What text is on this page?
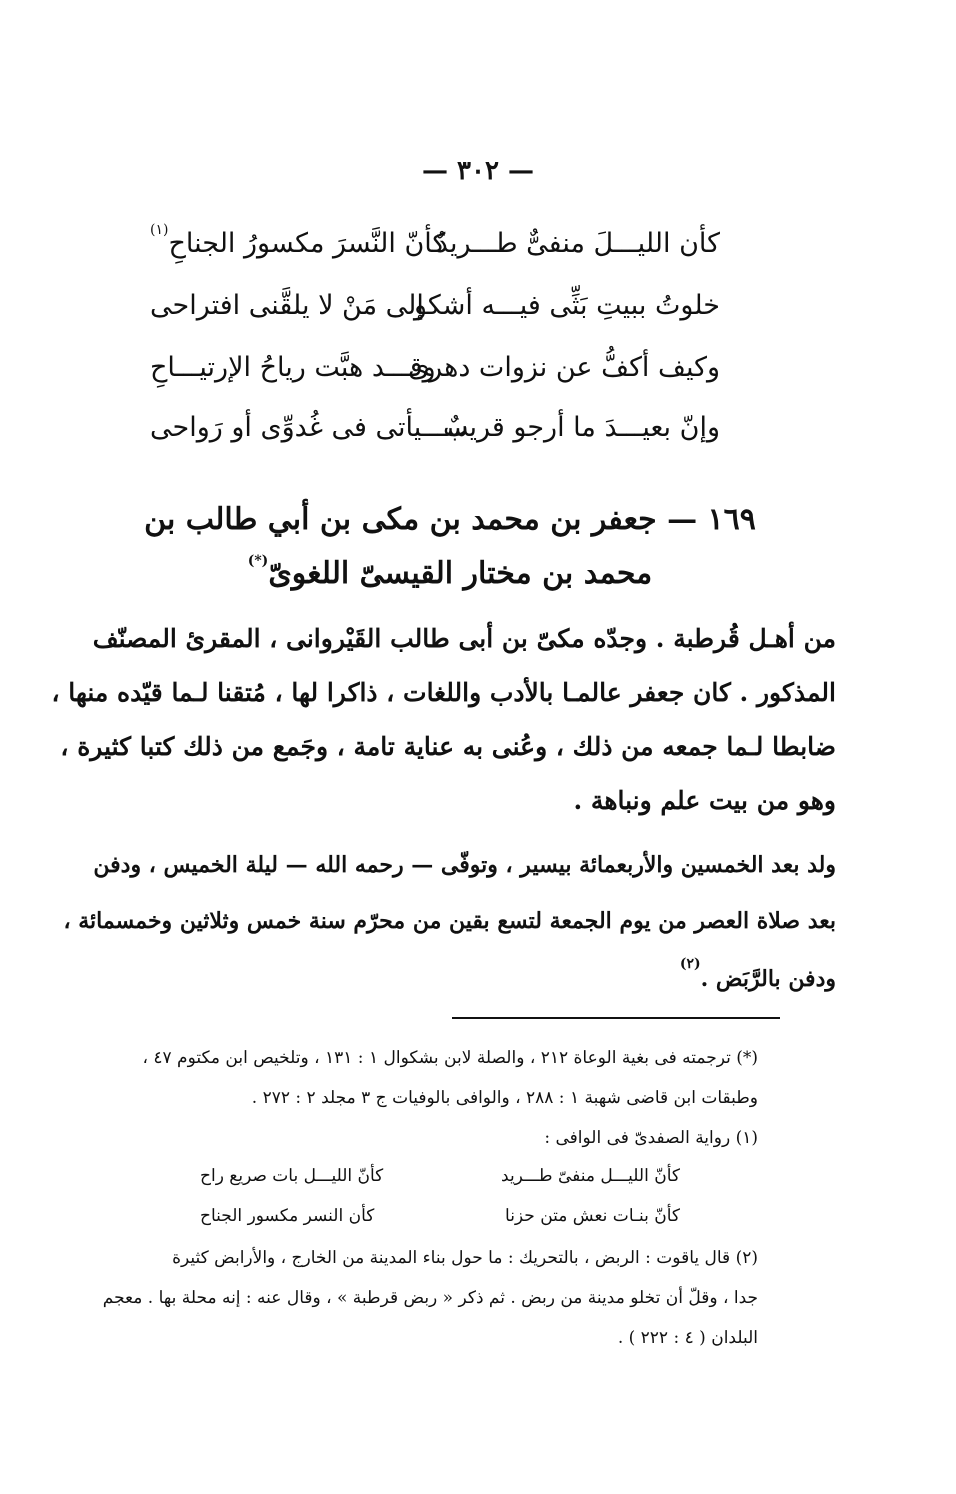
— ٣٠٢ —
كأن الليـــلَ منفىٌّ طـــريدٌ
كأنّ النَّسرَ مكسورُ الجناحِ$^{(١)}$
خلوتُ ببيتِ بَثِّى فيـــه أشكو
إلى مَنْ لا يلقَّنى افتراحى
وكيف أكفُّ عن نزوات دهرى
وقـــد هبَّت رياحُ الإرتيـــاحِ
وإنّ بعيـــدَ ما أرجو قريبٌ
ســـيأتى فى غُدوِّى أو رَواحى
١٦٩ — جعفر بن محمد بن مكى بن أبي طالب بن
محمد بن مختار القيسىّ اللغوىّ(*)
من أهـل قُرطبة . وجدّه مكىّ بن أبى طالب القَيْروانى ، المقرئ المصنّف
المذكور . كان جعفر عالمـا بالأدب واللغات ، ذاكرا لها ، مُتقنا لـما قيّده منها ،
ضابطا لـما جمعه من ذلك ، وعُنى به عناية تامة ، وجَمع من ذلك كتبا كثيرة ،
وهو من بيت علم ونباهة .
ولد بعد الخمسين والأربعمائة بيسير ، وتوفّى — رحمه الله — ليلة الخميس ، ودفن
بعد صلاة العصر من يوم الجمعة لتسع بقين من محرّم سنة خمس وثلاثين وخمسمائة ،
ودفن بالرَّبَض .$^{(٢)}$
(*) ترجمته فى بغية الوعاة ٢١٢ ، والصلة لابن بشكوال ١ : ١٣١ ، وتلخيص ابن مكتوم ٤٧ ،
وطبقات ابن قاضى شهبة ١ : ٢٨٨ ، والوافى بالوفيات ج ٣ مجلد ٢ : ٢٧٢ .
(١) رواية الصفدىّ فى الوافى :
كأنّ الليـــل منفىّ طـــريد
كأنّ الليـــل بات صريع راح
كأنّ بنـات نعش متن حزنا
كأن النسر مكسور الجناح
(٢) قال ياقوت : الربض ، بالتحريك : ما حول بناء المدينة من الخارج ، والأرابض كثيرة
جدا ، وقلّ أن تخلو مدينة من ربض . ثم ذكر « ربض قرطبة » ، وقال عنه : إنه محلة بها . معجم
البلدان ( ٤ : ٢٢٢ ) .
